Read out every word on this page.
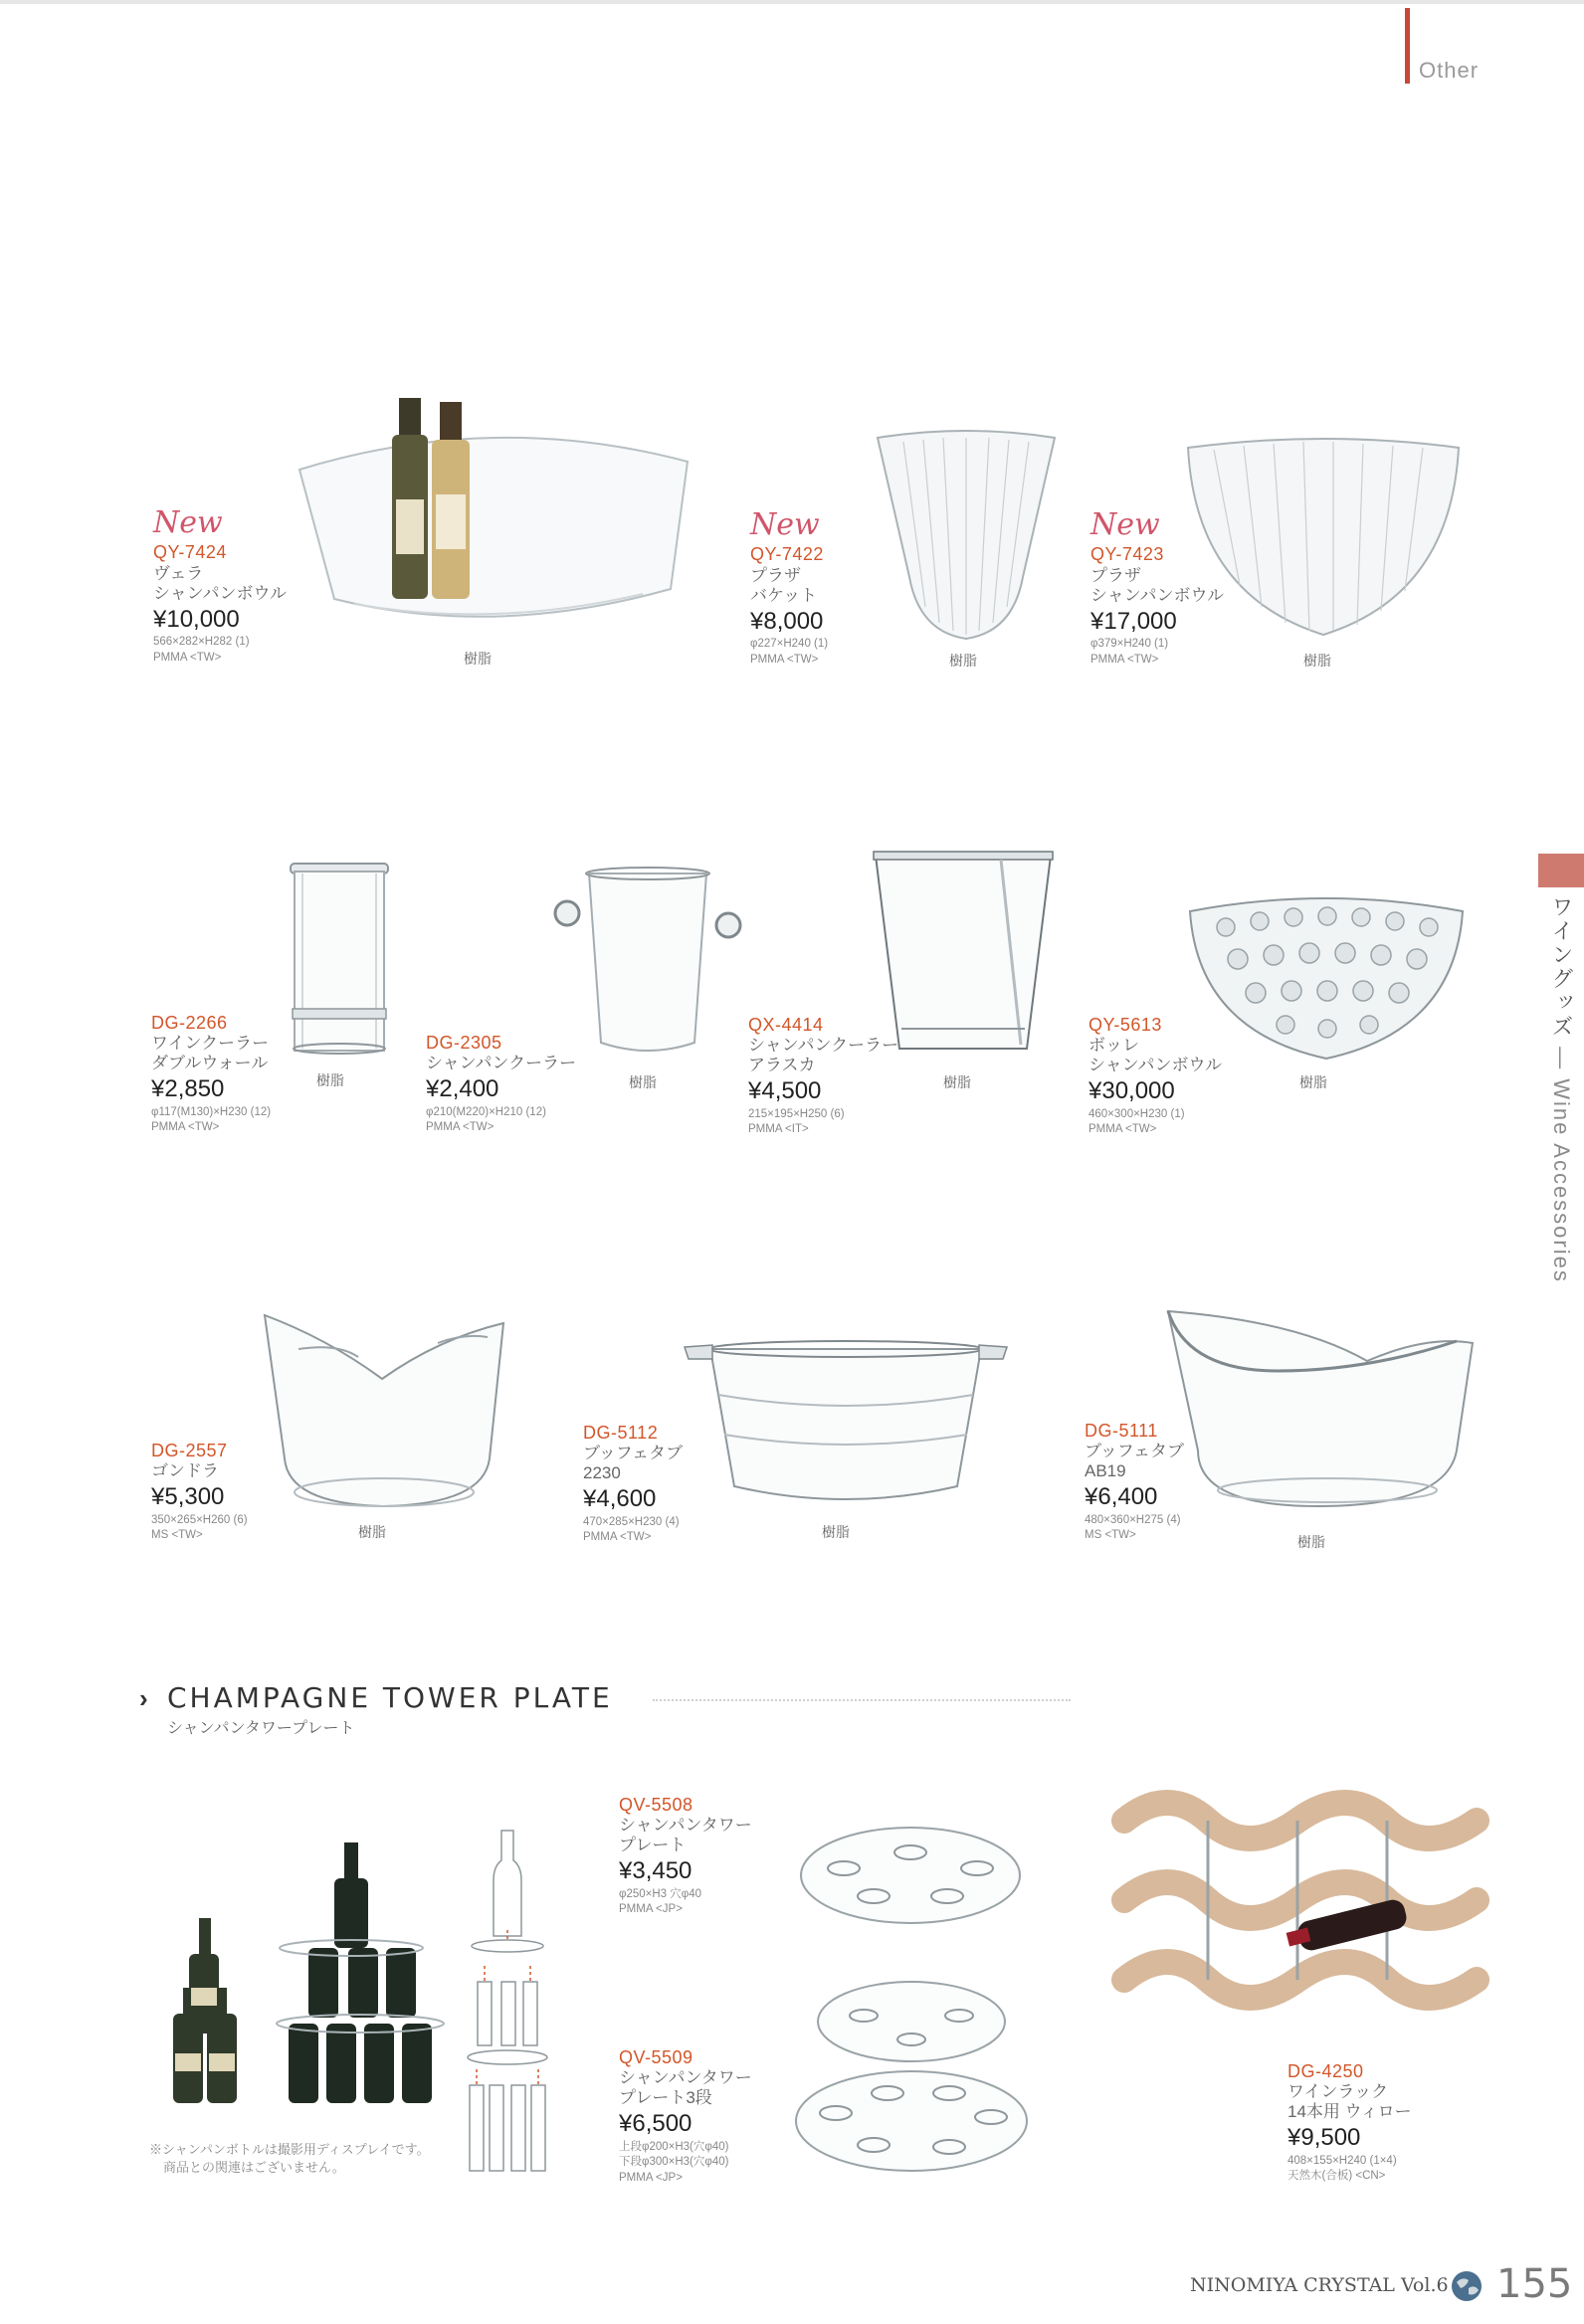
Other
ワイングッズ — Wine Accessories
New
QY-7424
ヴェラ
シャンパンボウル
¥10,000
566×282×H282 (1)
PMMA <TW>	樹脂
New
QY-7422
プラザ
バケット
¥8,000
φ227×H240 (1)
PMMA <TW>	樹脂
New
QY-7423
プラザ
シャンパンボウル
¥17,000
φ379×H240 (1)
PMMA <TW>	樹脂
DG-2266
ワインクーラー
ダブルウォール
¥2,850
φ117(M130)×H230 (12)
PMMA <TW>
樹脂
DG-2305
シャンパンクーラー
¥2,400
φ210(M220)×H210 (12)
PMMA <TW>
樹脂
QX-4414
シャンパンクーラー
アラスカ
¥4,500
215×195×H250 (6)
PMMA <IT>
樹脂
QY-5613
ボッレ
シャンパンボウル
¥30,000
460×300×H230 (1)
PMMA <TW>
樹脂
DG-2557
ゴンドラ
¥5,300
350×265×H260 (6)
MS <TW>	樹脂
DG-5112
ブッフェタブ
2230
¥4,600
470×285×H230 (4)
PMMA <TW>	樹脂
DG-5111
ブッフェタブ
AB19
¥6,400
480×360×H275 (4)
MS <TW>	樹脂
› CHAMPAGNE TOWER PLATE
シャンパンタワープレート
※シャンパンボトルは撮影用ディスプレイです。
商品との関連はございません。
QV-5508
シャンパンタワー
プレート
¥3,450
φ250×H3 穴φ40
PMMA <JP>
QV-5509
シャンパンタワー
プレート3段
¥6,500
上段φ200×H3(穴φ40)
下段φ300×H3(穴φ40)
PMMA <JP>
DG-4250
ワインラック
14本用 ウィロー
¥9,500
408×155×H240 (1×4)
天然木(合板) <CN>
NINOMIYA CRYSTAL Vol.6 155
